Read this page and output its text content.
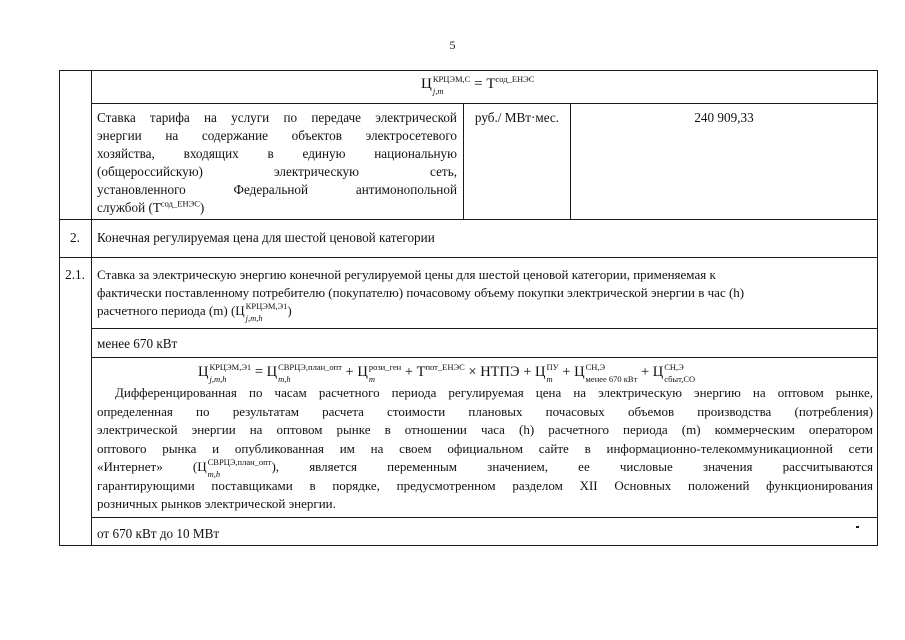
5
Ц КРЦЭМ,С
j,m	= $Т^{сод\_ЕНЭС}$
Ставка тарифа на услуги по передаче электрической
энергии на содержание объектов электросетевого
хозяйства, входящих в единую национальную
(общероссийскую) электрическую сеть,
установленного Федеральной антимонопольной
службой $(Т^{сод\_ЕНЭС})$
руб./ МВт·мес.	240 909,33
2.	Конечная регулируемая цена для шестой ценовой категории
2.1. Ставка за электрическую энергию конечной регулируемой цены для шестой ценовой категории, применяемая к
фактически поставленному потребителю (покупателю) почасовому объему покупки электрической энергии в час (h)
расчетного периода (m) (Ц КРЦЭМ,Э1
j,m,h
)
менее 670 кВт
Ц КРЦЭМ,Э1
j,m,h	= Ц СВРЦЭ,план_опт
m,h	+ Ц рози_ген
m	+ $Т^{пот\_ЕНЭС}$ × НТПЭ + Ц ПУ
m + Ц СН,Э
менее 670 кВт + Ц СН,Э
сбыт,СО
Дифференцированная по часам расчетного периода регулируемая цена на электрическую энергию на оптовом рынке,
определенная по результатам расчета стоимости плановых почасовых объемов производства (потребления)
электрической энергии на оптовом рынке в отношении часа (h) расчетного периода (m) коммерческим оператором
оптового рынка и опубликованная им на своем официальном сайте в информационно-телекоммуникационной сети
«Интернет» (Ц СВРЦЭ,план_опт
m,h
), является переменным значением, ее числовые значения рассчитываются
гарантирующими поставщиками в порядке, предусмотренном разделом XII Основных положений функционирования
розничных рынков электрической энергии.
от 670 кВт до 10 МВт
